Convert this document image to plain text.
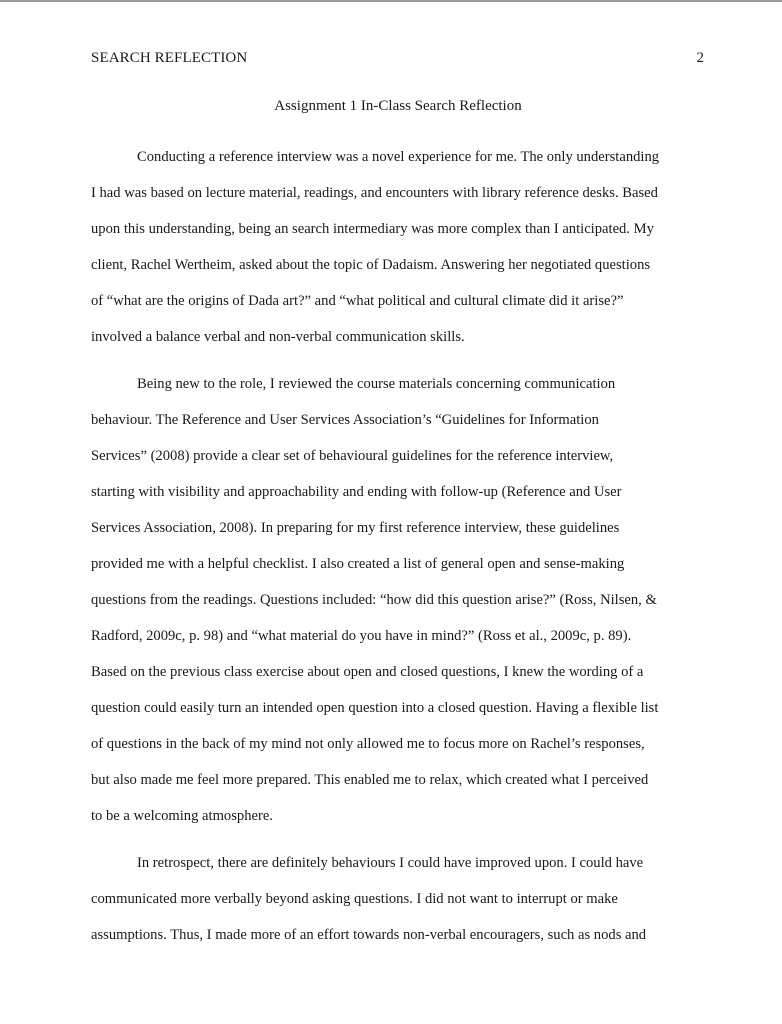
SEARCH REFLECTION	2
Assignment 1 In-Class Search Reflection
Conducting a reference interview was a novel experience for me. The only understanding
I had was based on lecture material, readings, and encounters with library reference desks. Based
upon this understanding, being an search intermediary was more complex than I anticipated. My
client, Rachel Wertheim, asked about the topic of Dadaism. Answering her negotiated questions
of “what are the origins of Dada art?” and “what political and cultural climate did it arise?”
involved a balance verbal and non-verbal communication skills.
Being new to the role, I reviewed the course materials concerning communication
behaviour. The Reference and User Services Association’s “Guidelines for Information
Services” (2008) provide a clear set of behavioural guidelines for the reference interview,
starting with visibility and approachability and ending with follow-up (Reference and User
Services Association, 2008). In preparing for my first reference interview, these guidelines
provided me with a helpful checklist. I also created a list of general open and sense-making
questions from the readings. Questions included: “how did this question arise?” (Ross, Nilsen, &
Radford, 2009c, p. 98) and “what material do you have in mind?” (Ross et al., 2009c, p. 89).
Based on the previous class exercise about open and closed questions, I knew the wording of a
question could easily turn an intended open question into a closed question. Having a flexible list
of questions in the back of my mind not only allowed me to focus more on Rachel’s responses,
but also made me feel more prepared. This enabled me to relax, which created what I perceived
to be a welcoming atmosphere.
In retrospect, there are definitely behaviours I could have improved upon. I could have
communicated more verbally beyond asking questions. I did not want to interrupt or make
assumptions. Thus, I made more of an effort towards non-verbal encouragers, such as nods and
